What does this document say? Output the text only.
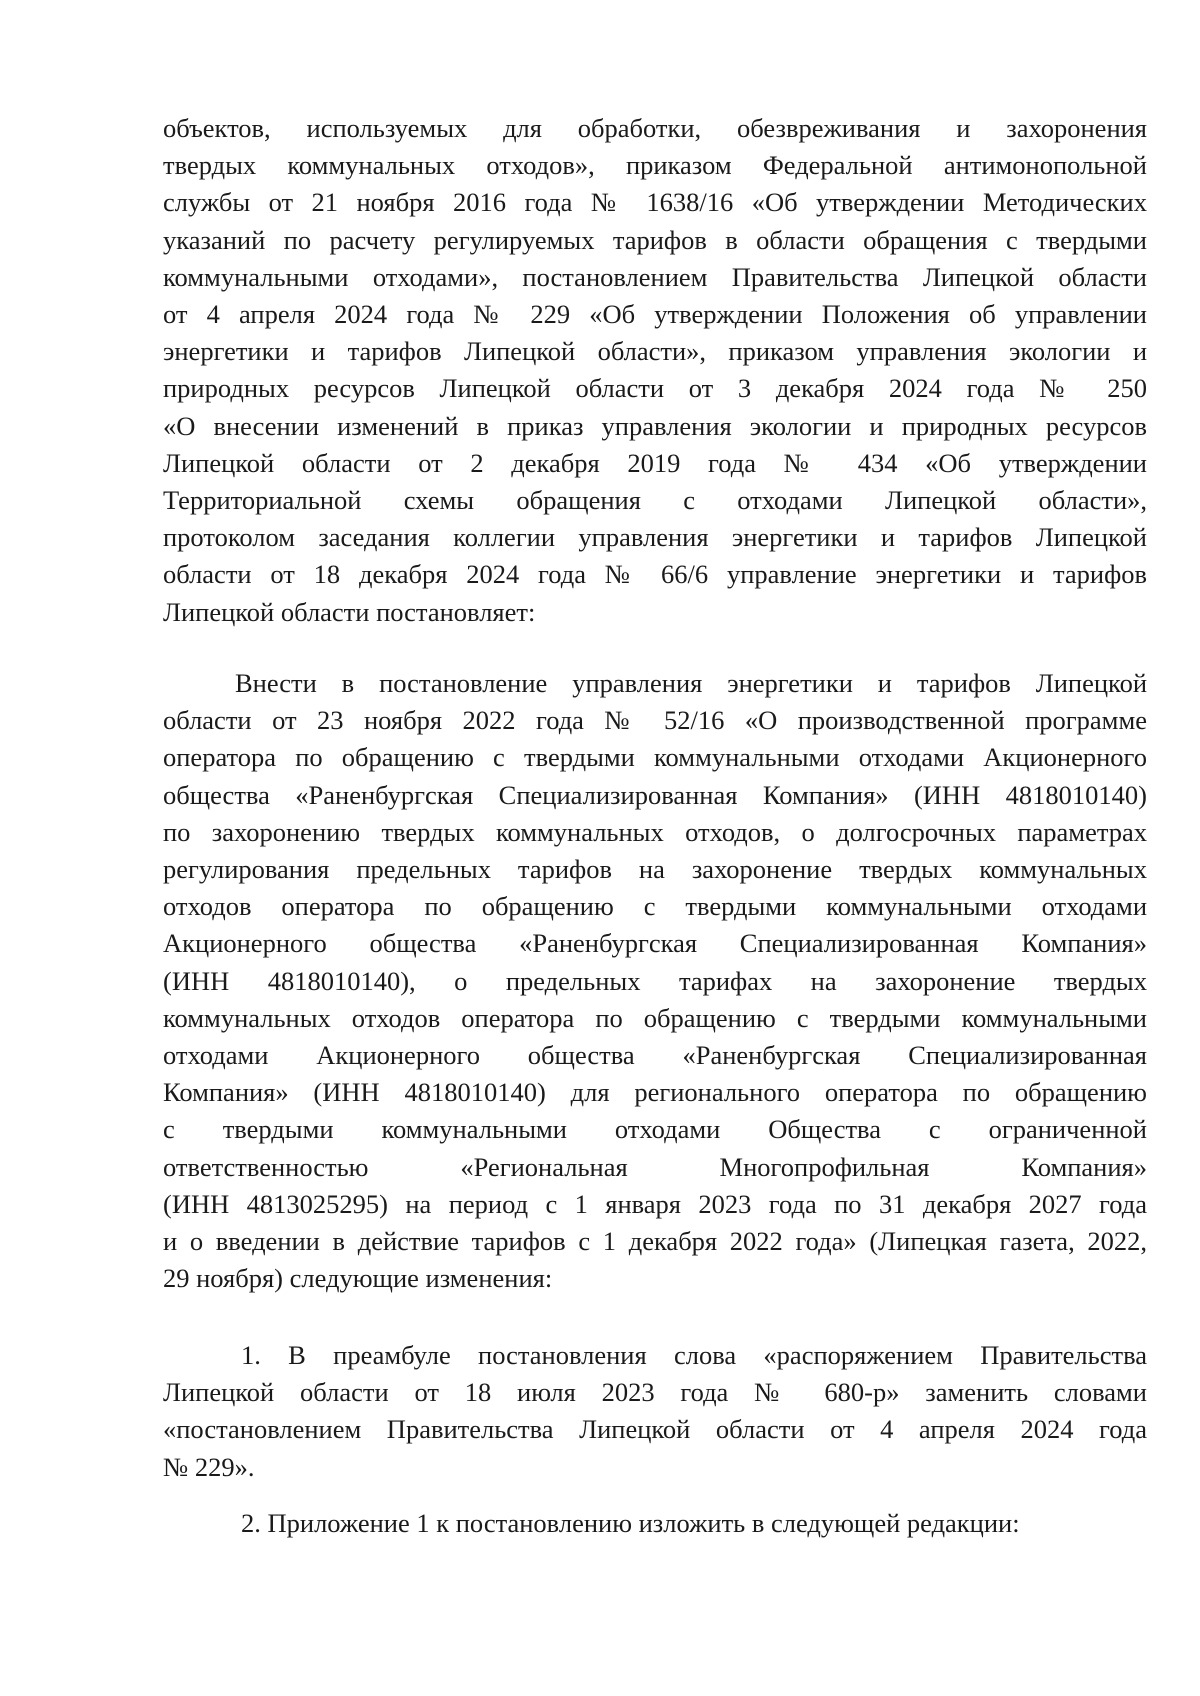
объектов, используемых для обработки, обезвреживания и захоронения
твердых коммунальных отходов», приказом Федеральной антимонопольной
службы от 21 ноября 2016 года № 1638/16 «Об утверждении Методических
указаний по расчету регулируемых тарифов в области обращения с твердыми
коммунальными отходами», постановлением Правительства Липецкой области
от 4 апреля 2024 года № 229 «Об утверждении Положения об управлении
энергетики и тарифов Липецкой области», приказом управления экологии и
природных ресурсов Липецкой области от 3 декабря 2024 года № 250
«О внесении изменений в приказ управления экологии и природных ресурсов
Липецкой области от 2 декабря 2019 года № 434 «Об утверждении
Территориальной схемы обращения с отходами Липецкой области»,
протоколом заседания коллегии управления энергетики и тарифов Липецкой
области от 18 декабря 2024 года № 66/6 управление энергетики и тарифов
Липецкой области постановляет:
Внести в постановление управления энергетики и тарифов Липецкой
области от 23 ноября 2022 года № 52/16 «О производственной программе
оператора по обращению с твердыми коммунальными отходами Акционерного
общества «Раненбургская Специализированная Компания» (ИНН 4818010140)
по захоронению твердых коммунальных отходов, о долгосрочных параметрах
регулирования предельных тарифов на захоронение твердых коммунальных
отходов оператора по обращению с твердыми коммунальными отходами
Акционерного общества «Раненбургская Специализированная Компания»
(ИНН 4818010140), о предельных тарифах на захоронение твердых
коммунальных отходов оператора по обращению с твердыми коммунальными
отходами Акционерного общества «Раненбургская Специализированная
Компания» (ИНН 4818010140) для регионального оператора по обращению
с твердыми коммунальными отходами Общества с ограниченной
ответственностью «Региональная Многопрофильная Компания»
(ИНН 4813025295) на период с 1 января 2023 года по 31 декабря 2027 года
и о введении в действие тарифов с 1 декабря 2022 года» (Липецкая газета, 2022,
29 ноября) следующие изменения:
1. В преамбуле постановления слова «распоряжением Правительства
Липецкой области от 18 июля 2023 года № 680-р» заменить словами
«постановлением Правительства Липецкой области от 4 апреля 2024 года
№ 229».
2. Приложение 1 к постановлению изложить в следующей редакции:
